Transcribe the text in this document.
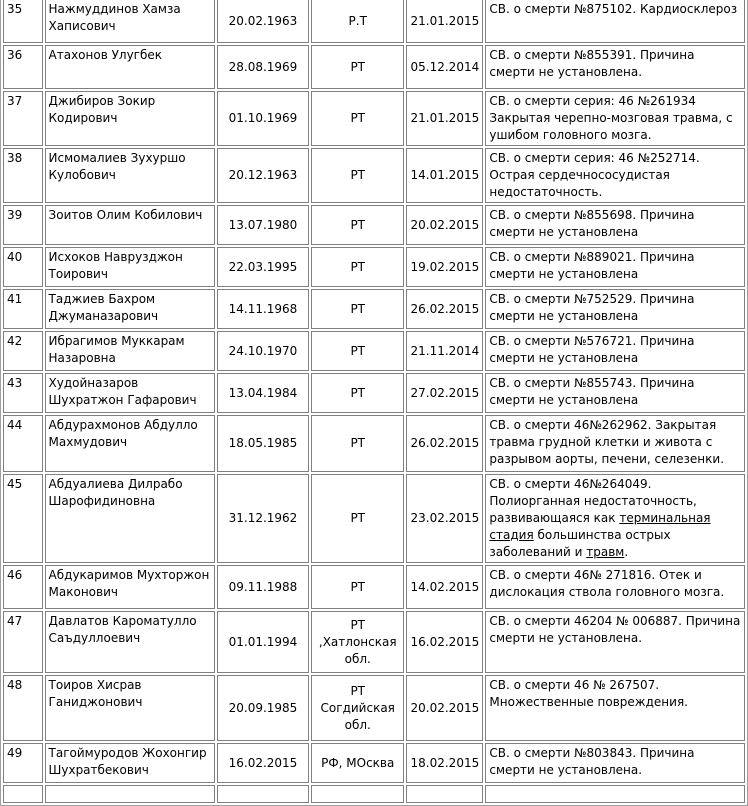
35	Нажмуддинов Хамза Хаписович	20.02.1963	Р.Т	21.01.2015	СВ. о смерти №875102. Кардиосклероз
36	Атахонов Улугбек	28.08.1969	РТ	05.12.2014	СВ. о смерти №855391. Причина смерти не установлена.
37	Джибиров Зокир Кодирович	01.10.1969	РТ	21.01.2015	СВ. о смерти серия: 46 №261934 Закрытая черепно-мозговая травма, с ушибом головного мозга.
38	Исмомалиев Зухуршо Кулобович	20.12.1963	РТ	14.01.2015	СВ. о смерти серия: 46 №252714. Острая сердечнососудистая недостаточность.
39	Зоитов Олим Кобилович	13.07.1980	РТ	20.02.2015	СВ. о смерти №855698. Причина смерти не установлена
40	Исхоков Наврузджон Тоирович	22.03.1995	РТ	19.02.2015	СВ. о смерти №889021. Причина смерти не установлена
41	Таджиев Бахром Джуманазарович	14.11.1968	РТ	26.02.2015	СВ. о смерти №752529. Причина смерти не установлена
42	Ибрагимов Муккарам Назаровна	24.10.1970	РТ	21.11.2014	СВ. о смерти №576721. Причина смерти не установлена
43	Худойназаров Шухратжон Гафарович	13.04.1984	РТ	27.02.2015	СВ. о смерти №855743. Причина смерти не установлена
44	Абдурахмонов Абдулло Махмудович	18.05.1985	РТ	26.02.2015	СВ. о смерти 46№262962. Закрытая травма грудной клетки и живота с разрывом аорты, печени, селезенки.
45	Абдуалиева Дилрабо Шарофидиновна	31.12.1962	РТ	23.02.2015	СВ. о смерти 46№264049.
Полиорганная недостаточность,
развивающаяся как терминальная стадия большинства острых заболеваний и травм.
46	Абдукаримов Мухторжон Маконович	09.11.1988	РТ	14.02.2015	СВ. о смерти 46№ 271816. Отек и дислокация ствола головного мозга.
47	Давлатов Кароматулло Саъдуллоевич	01.01.1994	РТ ,Хатлонская обл.	16.02.2015	СВ. о смерти 46204 № 006887. Причина смерти не установлена.
48	Тоиров Хисрав Ганиджонович	20.09.1985	РТ Согдийская обл.	20.02.2015	СВ. о смерти 46 № 267507. Множественные повреждения.
49	Тагоймуродов Жохонгир Шухратбекович	16.02.2015	РФ, МОсква	18.02.2015	СВ. о смерти №803843. Причина смерти не установлена.
